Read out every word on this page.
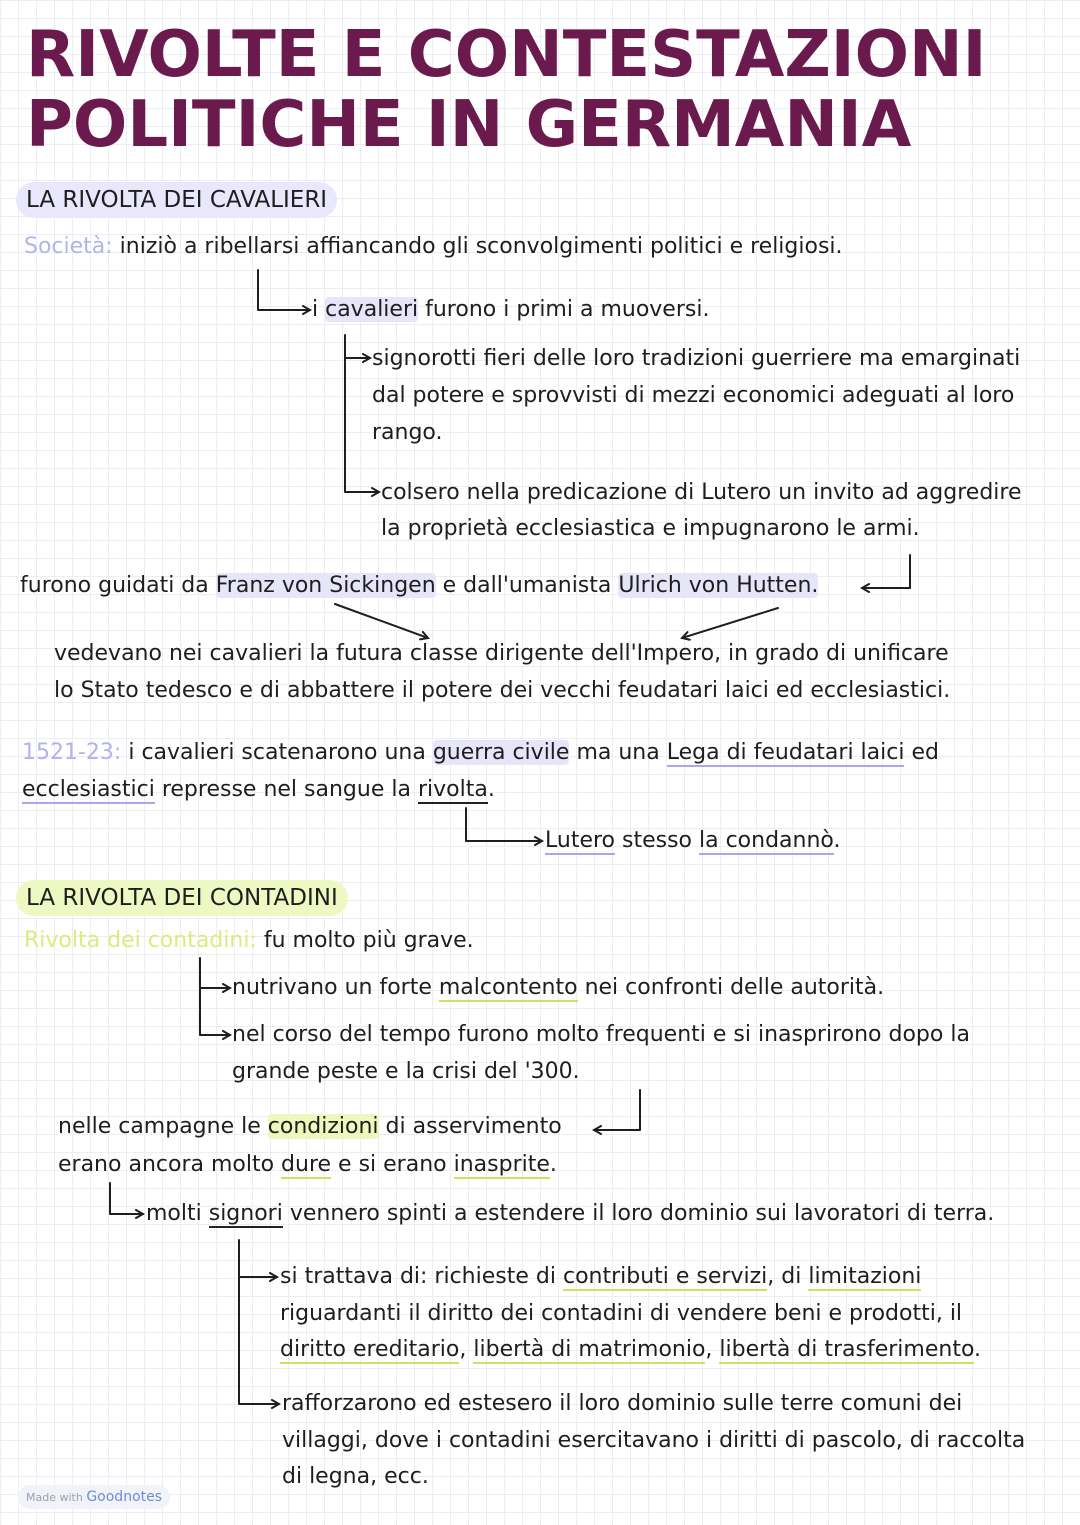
RIVOLTE E CONTESTAZIONI
POLITICHE IN GERMANIA
LA RIVOLTA DEI CAVALIERI
Società: iniziò a ribellarsi affiancando gli sconvolgimenti politici e religiosi.
i cavalieri furono i primi a muoversi.
signorotti fieri delle loro tradizioni guerriere ma emarginati
dal potere e sprovvisti di mezzi economici adeguati al loro
rango.
colsero nella predicazione di Lutero un invito ad aggredire
la proprietà ecclesiastica e impugnarono le armi.
furono guidati da Franz von Sickingen e dall'umanista Ulrich von Hutten.
vedevano nei cavalieri la futura classe dirigente dell'Impero, in grado di unificare
lo Stato tedesco e di abbattere il potere dei vecchi feudatari laici ed ecclesiastici.
1521-23: i cavalieri scatenarono una guerra civile ma una Lega di feudatari laici ed
ecclesiastici represse nel sangue la rivolta.
Lutero stesso la condannò.
LA RIVOLTA DEI CONTADINI
Rivolta dei contadini: fu molto più grave.
nutrivano un forte malcontento nei confronti delle autorità.
nel corso del tempo furono molto frequenti e si inasprirono dopo la
grande peste e la crisi del '300.
nelle campagne le condizioni di asservimento
erano ancora molto dure e si erano inasprite.
molti signori vennero spinti a estendere il loro dominio sui lavoratori di terra.
si trattava di: richieste di contributi e servizi, di limitazioni
riguardanti il diritto dei contadini di vendere beni e prodotti, il
diritto ereditario, libertà di matrimonio, libertà di trasferimento.
rafforzarono ed estesero il loro dominio sulle terre comuni dei
villaggi, dove i contadini esercitavano i diritti di pascolo, di raccolta
di legna, ecc.
Made with Goodnotes
